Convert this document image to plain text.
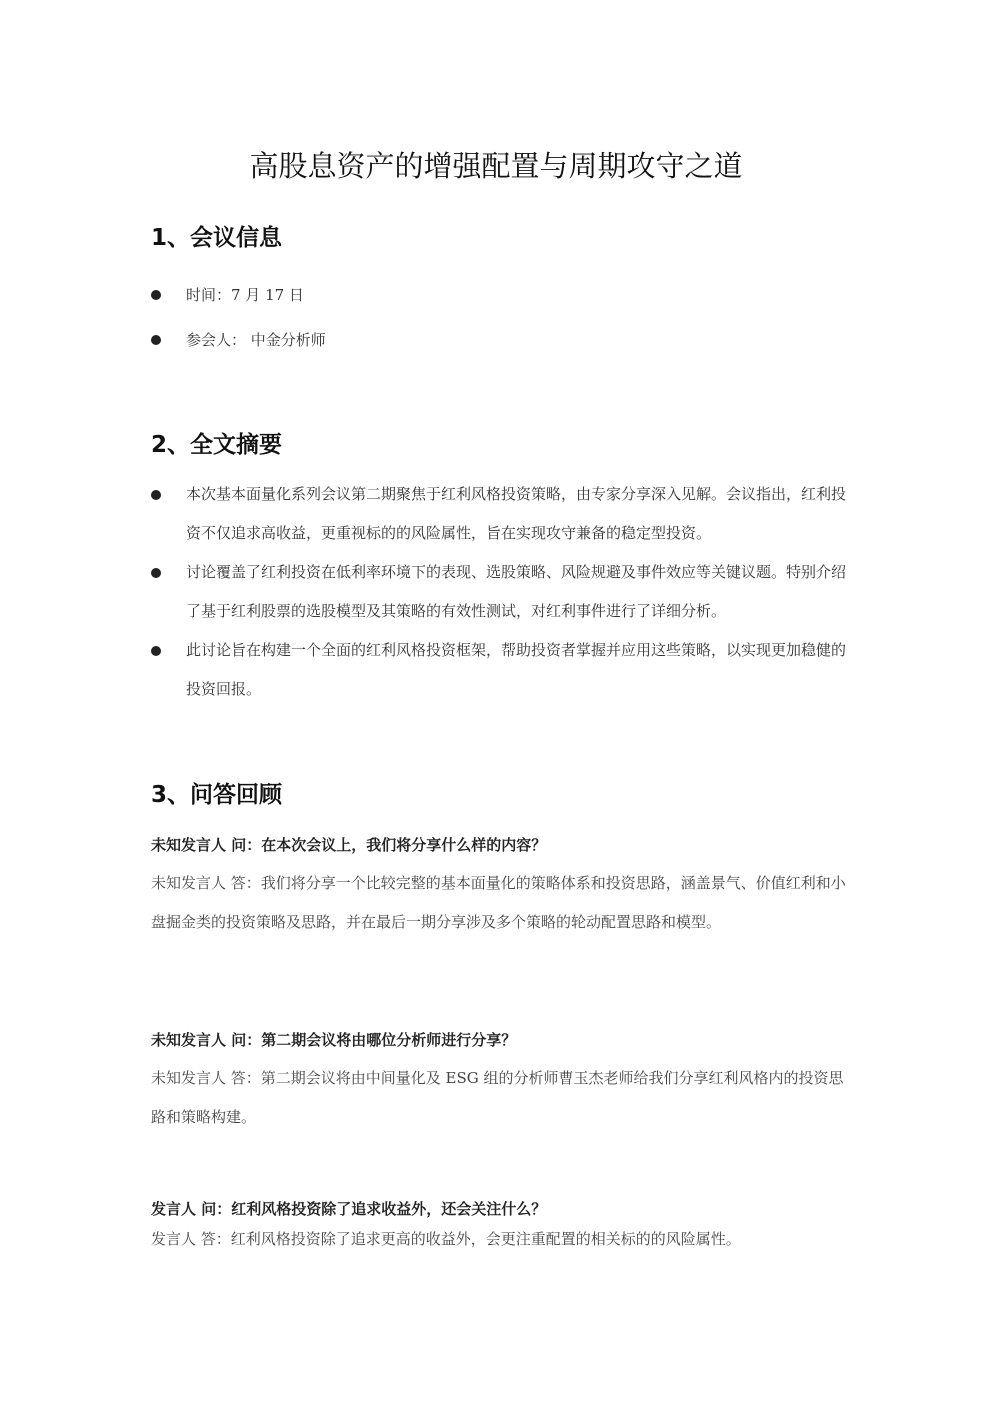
高股息资产的增强配置与周期攻守之道
1、会议信息
时间：7 月 17 日
参会人： 中金分析师
2、全文摘要
本次基本面量化系列会议第二期聚焦于红利风格投资策略，由专家分享深入见解。会议指出，红利投资不仅追求高收益，更重视标的的风险属性，旨在实现攻守兼备的稳定型投资。
讨论覆盖了红利投资在低利率环境下的表现、选股策略、风险规避及事件效应等关键议题。特别介绍了基于红利股票的选股模型及其策略的有效性测试，对红利事件进行了详细分析。
此讨论旨在构建一个全面的红利风格投资框架，帮助投资者掌握并应用这些策略，以实现更加稳健的投资回报。
3、问答回顾

未知发言人 问：在本次会议上，我们将分享什么样的内容？

未知发言人 答：我们将分享一个比较完整的基本面量化的策略体系和投资思路，涵盖景气、价值红利和小盘掘金类的投资策略及思路，并在最后一期分享涉及多个策略的轮动配置思路和模型。

未知发言人 问：第二期会议将由哪位分析师进行分享？

未知发言人 答：第二期会议将由中间量化及 ESG 组的分析师曹玉杰老师给我们分享红利风格内的投资思路和策略构建。

发言人 问：红利风格投资除了追求收益外，还会关注什么？

发言人 答：红利风格投资除了追求更高的收益外，会更注重配置的相关标的的风险属性。
